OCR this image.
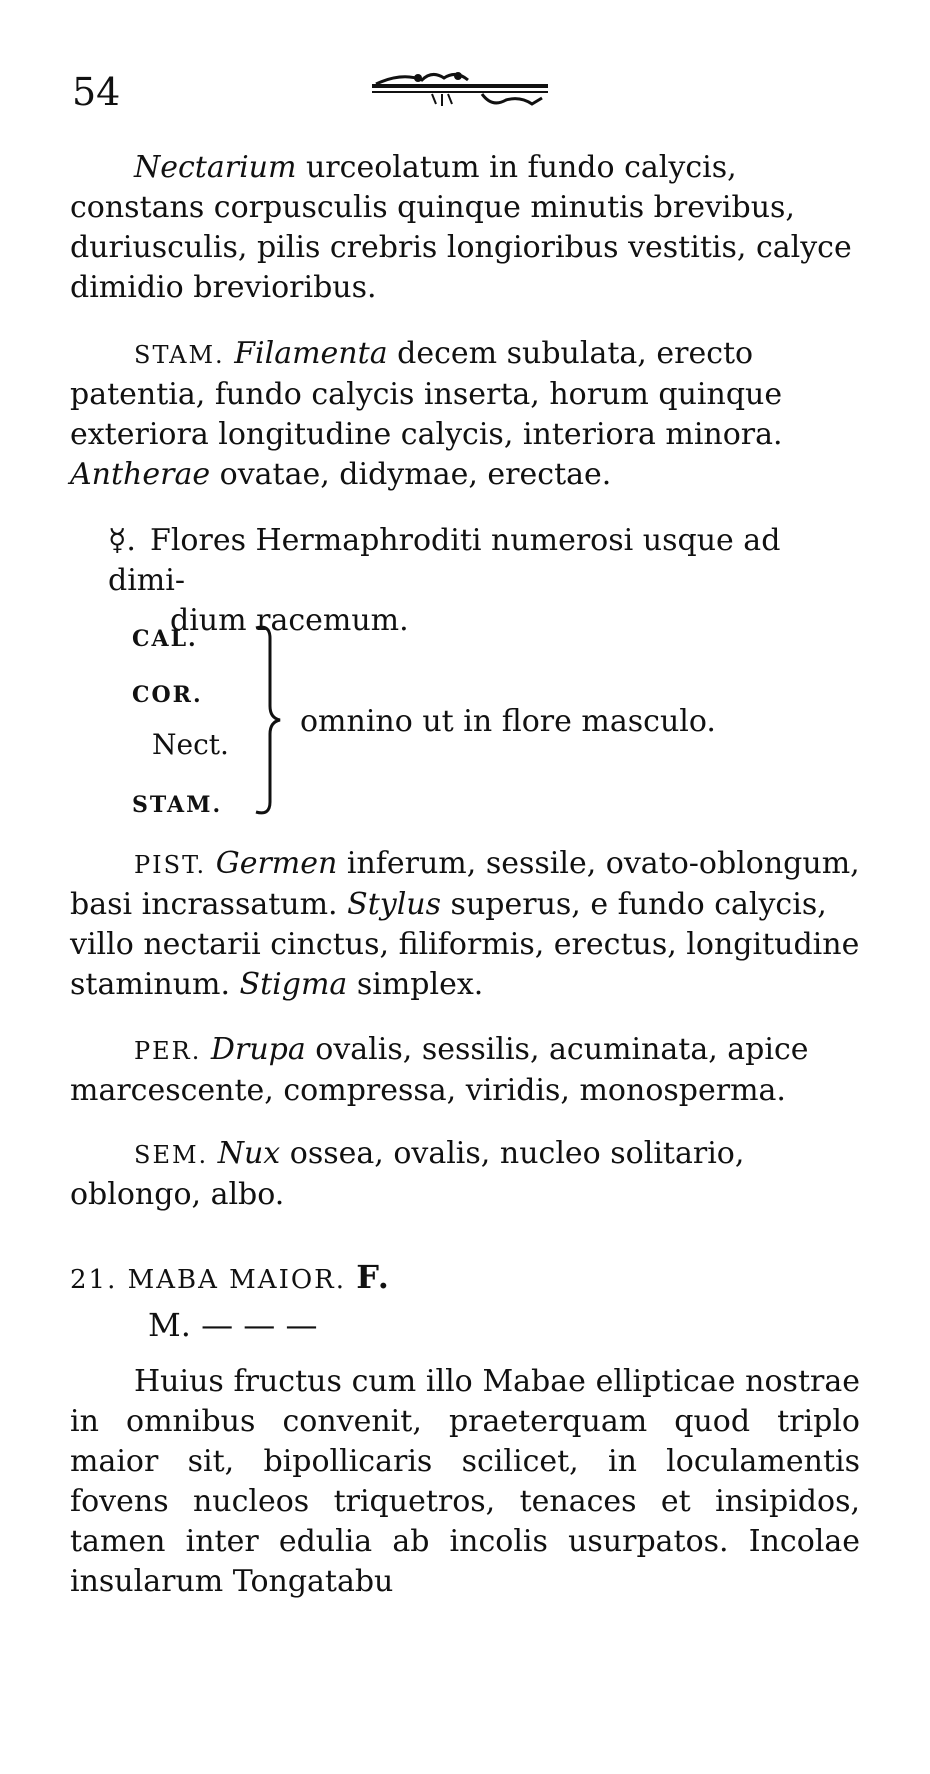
54
Nectarium urceolatum in fundo calycis, constans corpusculis quinque minutis brevibus, duriusculis, pilis crebris longioribus vestitis, calyce dimidio brevioribus.
STAM. Filamenta decem subulata, erecto patentia, fundo calycis inserta, horum quinque exteriora longitudine calycis, interiora minora. Antherae ovatae, didymae, erectae.
☿. Flores Hermaphroditi numerosi usque ad dimi-
dium racemum.
CAL.
COR.
Nect.
STAM.
omnino ut in flore masculo.
PIST. Germen inferum, sessile, ovato-oblongum, basi incrassatum. Stylus superus, e fundo calycis, villo nectarii cinctus, filiformis, erectus, longitudine staminum. Stigma simplex.
PER. Drupa ovalis, sessilis, acuminata, apice marcescente, compressa, viridis, monosperma.
SEM. Nux ossea, ovalis, nucleo solitario, oblongo, albo.
21. MABA MAIOR. F.
M. — — —
Huius fructus cum illo Mabae ellipticae nostrae in omnibus convenit, praeterquam quod triplo maior sit, bipollicaris scilicet, in loculamentis fovens nucleos triquetros, tenaces et insipidos, tamen inter edulia ab incolis usurpatos. Incolae insularum Tongatabu
